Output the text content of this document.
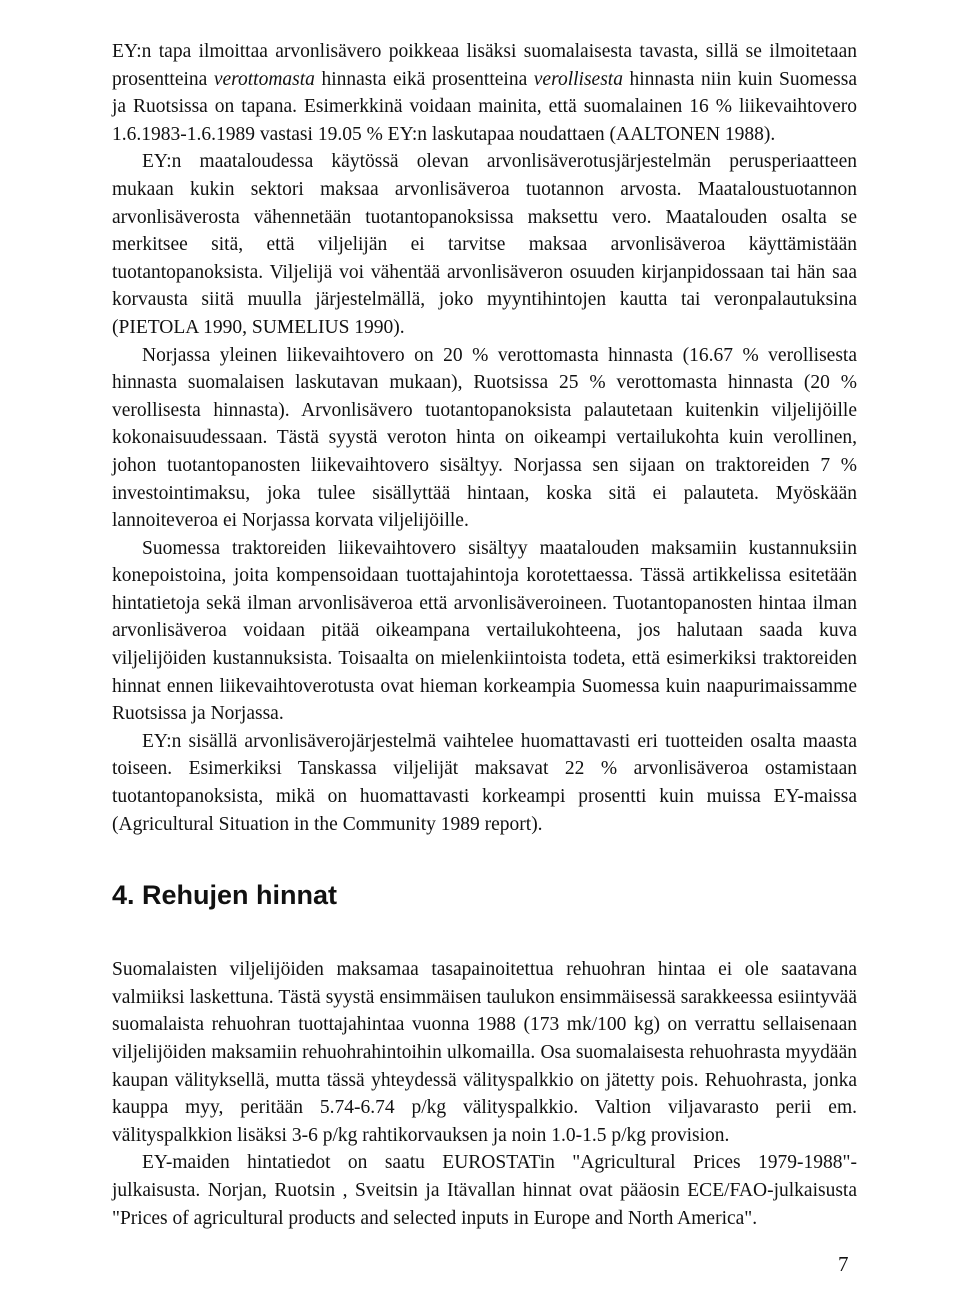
EY:n tapa ilmoittaa arvonlisävero poikkeaa lisäksi suomalaisesta tavasta, sillä se ilmoitetaan prosentteina verottomasta hinnasta eikä prosentteina verollisesta hinnasta niin kuin Suomessa ja Ruotsissa on tapana. Esimerkkinä voidaan mainita, että suomalainen 16 % liikevaihtovero 1.6.1983-1.6.1989 vastasi 19.05 % EY:n laskutapaa noudattaen (AALTONEN 1988).

EY:n maataloudessa käytössä olevan arvonlisäverotusjärjestelmän perusperiaatteen mukaan kukin sektori maksaa arvonlisäveroa tuotannon arvosta. Maataloustuotannon arvonlisäverosta vähennetään tuotantopanoksissa maksettu vero. Maatalouden osalta se merkitsee sitä, että viljelijän ei tarvitse maksaa arvonlisäveroa käyttämistään tuotantopanoksista. Viljelijä voi vähentää arvonlisäveron osuuden kirjanpidossaan tai hän saa korvausta siitä muulla järjestelmällä, joko myyntihintojen kautta tai veronpalautuksina (PIETOLA 1990, SUMELIUS 1990).

Norjassa yleinen liikevaihtovero on 20 % verottomasta hinnasta (16.67 % verollisesta hinnasta suomalaisen laskutavan mukaan), Ruotsissa 25 % verottomasta hinnasta (20 % verollisesta hinnasta). Arvonlisävero tuotantopanoksista palautetaan kuitenkin viljelijöille kokonaisuudessaan. Tästä syystä veroton hinta on oikeampi vertailukohta kuin verollinen, johon tuotantopanosten liikevaihtovero sisältyy. Norjassa sen sijaan on traktoreiden 7 % investointimaksu, joka tulee sisällyttää hintaan, koska sitä ei palauteta. Myöskään lannoiteveroa ei Norjassa korvata viljelijöille.

Suomessa traktoreiden liikevaihtovero sisältyy maatalouden maksamiin kustannuksiin konepoistoina, joita kompensoidaan tuottajahintoja korotettaessa. Tässä artikkelissa esitetään hintatietoja sekä ilman arvonlisäveroa että arvonlisäveroineen. Tuotantopanosten hintaa ilman arvonlisäveroa voidaan pitää oikeampana vertailukohteena, jos halutaan saada kuva viljelijöiden kustannuksista. Toisaalta on mielenkiintoista todeta, että esimerkiksi traktoreiden hinnat ennen liikevaihtoverotusta ovat hieman korkeampia Suomessa kuin naapurimaissamme Ruotsissa ja Norjassa.

EY:n sisällä arvonlisäverojärjestelmä vaihtelee huomattavasti eri tuotteiden osalta maasta toiseen. Esimerkiksi Tanskassa viljelijät maksavat 22 % arvonlisäveroa ostamistaan tuotantopanoksista, mikä on huomattavasti korkeampi prosentti kuin muissa EY-maissa (Agricultural Situation in the Community 1989 report).

4. Rehujen hinnat

Suomalaisten viljelijöiden maksamaa tasapainoitettua rehuohran hintaa ei ole saatavana valmiiksi laskettuna. Tästä syystä ensimmäisen taulukon ensimmäisessä sarakkeessa esiintyvää suomalaista rehuohran tuottajahintaa vuonna 1988 (173 mk/100 kg) on verrattu sellaisenaan viljelijöiden maksamiin rehuohrahintoihin ulkomailla. Osa suomalaisesta rehuohrasta myydään kaupan välityksellä, mutta tässä yhteydessä välityspalkkio on jätetty pois. Rehuohrasta, jonka kauppa myy, peritään 5.74-6.74 p/kg välityspalkkio. Valtion viljavarasto perii em. välityspalkkion lisäksi 3-6 p/kg rahtikorvauksen ja noin 1.0-1.5 p/kg provision.

EY-maiden hintatiedot on saatu EUROSTATin "Agricultural Prices 1979-1988"-julkaisusta. Norjan, Ruotsin , Sveitsin ja Itävallan hinnat ovat pääosin ECE/FAO-julkaisusta "Prices of agricultural products and selected inputs in Europe and North America".

7
